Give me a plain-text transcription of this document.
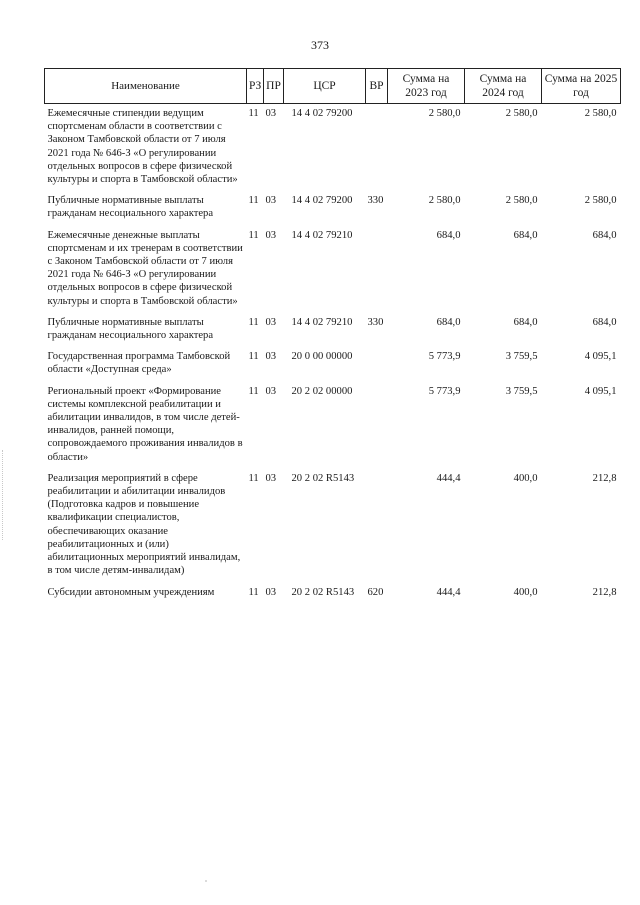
373
Наименование	РЗ	ПР	ЦСР	ВР	Сумма на 2023 год	Сумма на 2024 год	Сумма на 2025 год
Ежемесячные стипендии ведущим спортсменам области в соответствии с Законом Тамбовской области от 7 июля 2021 года № 646-З «О регулировании отдельных вопросов в сфере физической культуры и спорта в Тамбовской области»	11	03	14 4 02 79200		2 580,0	2 580,0	2 580,0
Публичные нормативные выплаты гражданам несоциального характера	11	03	14 4 02 79200	330	2 580,0	2 580,0	2 580,0
Ежемесячные денежные выплаты спортсменам и их тренерам в соответствии с Законом Тамбовской области от 7 июля 2021 года № 646-З «О регулировании отдельных вопросов в сфере физической культуры и спорта в Тамбовской области»	11	03	14 4 02 79210		684,0	684,0	684,0
Публичные нормативные выплаты гражданам несоциального характера	11	03	14 4 02 79210	330	684,0	684,0	684,0
Государственная программа Тамбовской области «Доступная среда»	11	03	20 0 00 00000		5 773,9	3 759,5	4 095,1
Региональный проект «Формирование системы комплексной реабилитации и абилитации инвалидов, в том числе детей-инвалидов, ранней помощи, сопровождаемого проживания инвалидов в области»	11	03	20 2 02 00000		5 773,9	3 759,5	4 095,1
Реализация мероприятий в сфере реабилитации и абилитации инвалидов (Подготовка кадров и повышение квалификации специалистов, обеспечивающих оказание реабилитационных и (или) абилитационных мероприятий инвалидам, в том числе детям-инвалидам)	11	03	20 2 02 R5143		444,4	400,0	212,8
Субсидии автономным учреждениям	11	03	20 2 02 R5143	620	444,4	400,0	212,8
